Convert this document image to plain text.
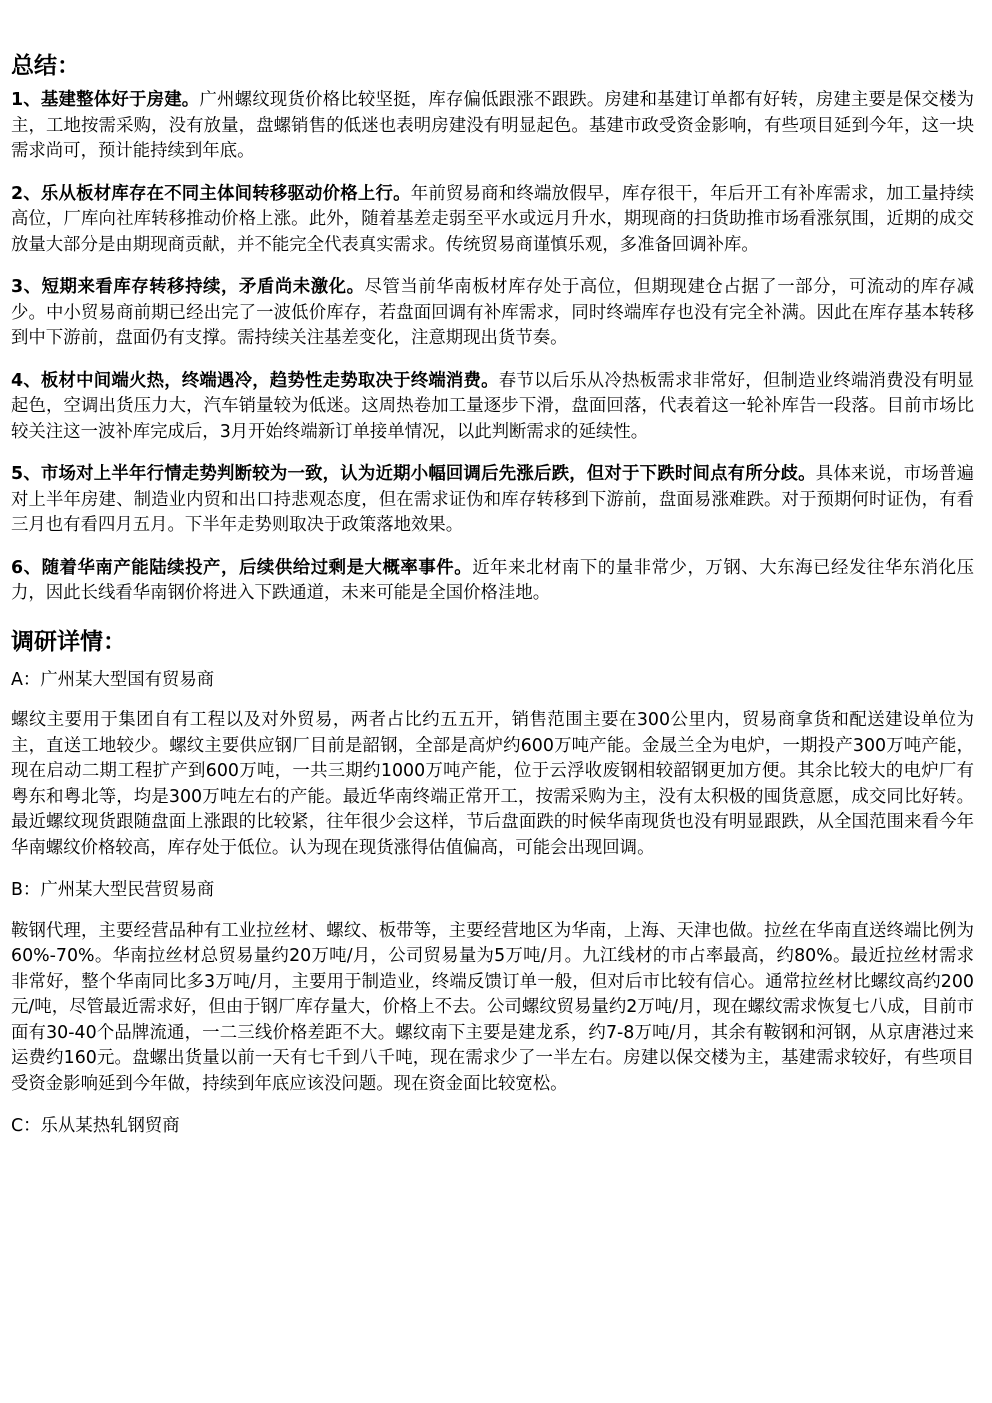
总结：

1、基建整体好于房建。广州螺纹现货价格比较坚挺，库存偏低跟涨不跟跌。房建和基建订单都有好转，房建主要是保交楼为主，工地按需采购，没有放量，盘螺销售的低迷也表明房建没有明显起色。基建市政受资金影响，有些项目延到今年，这一块需求尚可，预计能持续到年底。

2、乐从板材库存在不同主体间转移驱动价格上行。年前贸易商和终端放假早，库存很干，年后开工有补库需求，加工量持续高位，厂库向社库转移推动价格上涨。此外，随着基差走弱至平水或远月升水，期现商的扫货助推市场看涨氛围，近期的成交放量大部分是由期现商贡献，并不能完全代表真实需求。传统贸易商谨慎乐观，多准备回调补库。

3、短期来看库存转移持续，矛盾尚未激化。尽管当前华南板材库存处于高位，但期现建仓占据了一部分，可流动的库存减少。中小贸易商前期已经出完了一波低价库存，若盘面回调有补库需求，同时终端库存也没有完全补满。因此在库存基本转移到中下游前，盘面仍有支撑。需持续关注基差变化，注意期现出货节奏。

4、板材中间端火热，终端遇冷，趋势性走势取决于终端消费。春节以后乐从冷热板需求非常好，但制造业终端消费没有明显起色，空调出货压力大，汽车销量较为低迷。这周热卷加工量逐步下滑，盘面回落，代表着这一轮补库告一段落。目前市场比较关注这一波补库完成后，3月开始终端新订单接单情况，以此判断需求的延续性。

5、市场对上半年行情走势判断较为一致，认为近期小幅回调后先涨后跌，但对于下跌时间点有所分歧。具体来说，市场普遍对上半年房建、制造业内贸和出口持悲观态度，但在需求证伪和库存转移到下游前，盘面易涨难跌。对于预期何时证伪，有看三月也有看四月五月。下半年走势则取决于政策落地效果。

6、随着华南产能陆续投产，后续供给过剩是大概率事件。近年来北材南下的量非常少，万钢、大东海已经发往华东消化压力，因此长线看华南钢价将进入下跌通道，未来可能是全国价格洼地。

调研详情：

A：广州某大型国有贸易商

螺纹主要用于集团自有工程以及对外贸易，两者占比约五五开，销售范围主要在300公里内，贸易商拿货和配送建设单位为主，直送工地较少。螺纹主要供应钢厂目前是韶钢，全部是高炉约600万吨产能。金晟兰全为电炉，一期投产300万吨产能，现在启动二期工程扩产到600万吨，一共三期约1000万吨产能，位于云浮收废钢相较韶钢更加方便。其余比较大的电炉厂有粤东和粤北等，均是300万吨左右的产能。最近华南终端正常开工，按需采购为主，没有太积极的囤货意愿，成交同比好转。最近螺纹现货跟随盘面上涨跟的比较紧，往年很少会这样，节后盘面跌的时候华南现货也没有明显跟跌，从全国范围来看今年华南螺纹价格较高，库存处于低位。认为现在现货涨得估值偏高，可能会出现回调。

B：广州某大型民营贸易商

鞍钢代理，主要经营品种有工业拉丝材、螺纹、板带等，主要经营地区为华南，上海、天津也做。拉丝在华南直送终端比例为60%-70%。华南拉丝材总贸易量约20万吨/月，公司贸易量为5万吨/月。九江线材的市占率最高，约80%。最近拉丝材需求非常好，整个华南同比多3万吨/月，主要用于制造业，终端反馈订单一般，但对后市比较有信心。通常拉丝材比螺纹高约200元/吨，尽管最近需求好，但由于钢厂库存量大，价格上不去。公司螺纹贸易量约2万吨/月，现在螺纹需求恢复七八成，目前市面有30-40个品牌流通，一二三线价格差距不大。螺纹南下主要是建龙系，约7-8万吨/月，其余有鞍钢和河钢，从京唐港过来运费约160元。盘螺出货量以前一天有七千到八千吨，现在需求少了一半左右。房建以保交楼为主，基建需求较好，有些项目受资金影响延到今年做，持续到年底应该没问题。现在资金面比较宽松。

C：乐从某热轧钢贸商
